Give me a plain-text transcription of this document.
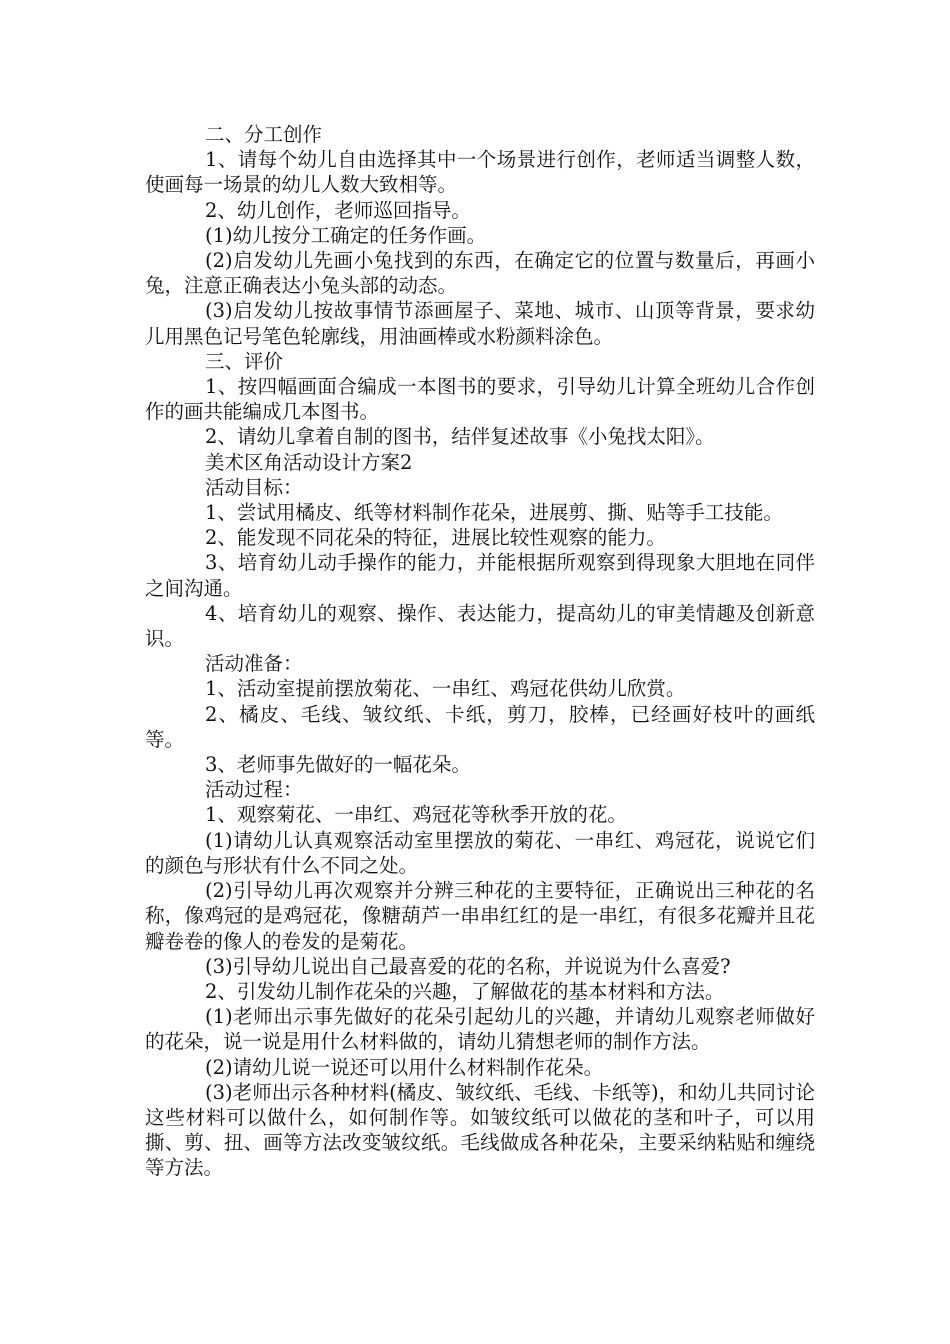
二、分工创作

1、请每个幼儿自由选择其中一个场景进行创作，老师适当调整人数，使画每一场景的幼儿人数大致相等。

2、幼儿创作，老师巡回指导。

(1)幼儿按分工确定的任务作画。

(2)启发幼儿先画小兔找到的东西，在确定它的位置与数量后，再画小兔，注意正确表达小兔头部的动态。

(3)启发幼儿按故事情节添画屋子、菜地、城市、山顶等背景，要求幼儿用黑色记号笔色轮廓线，用油画棒或水粉颜料涂色。

三、评价

1、按四幅画面合编成一本图书的要求，引导幼儿计算全班幼儿合作创作的画共能编成几本图书。

2、请幼儿拿着自制的图书，结伴复述故事《小兔找太阳》。

美术区角活动设计方案2

活动目标：

1、尝试用橘皮、纸等材料制作花朵，进展剪、撕、贴等手工技能。

2、能发现不同花朵的特征，进展比较性观察的能力。

3、培育幼儿动手操作的能力，并能根据所观察到得现象大胆地在同伴之间沟通。

4、培育幼儿的观察、操作、表达能力，提高幼儿的审美情趣及创新意识。

活动准备：

1、活动室提前摆放菊花、一串红、鸡冠花供幼儿欣赏。

2、橘皮、毛线、皱纹纸、卡纸，剪刀，胶棒，已经画好枝叶的画纸等。

3、老师事先做好的一幅花朵。

活动过程：

1、观察菊花、一串红、鸡冠花等秋季开放的花。

(1)请幼儿认真观察活动室里摆放的菊花、一串红、鸡冠花，说说它们的颜色与形状有什么不同之处。

(2)引导幼儿再次观察并分辨三种花的主要特征，正确说出三种花的名称，像鸡冠的是鸡冠花，像糖葫芦一串串红红的是一串红，有很多花瓣并且花瓣卷卷的像人的卷发的是菊花。

(3)引导幼儿说出自己最喜爱的花的名称，并说说为什么喜爱?

2、引发幼儿制作花朵的兴趣，了解做花的基本材料和方法。

(1)老师出示事先做好的花朵引起幼儿的兴趣，并请幼儿观察老师做好的花朵，说一说是用什么材料做的，请幼儿猜想老师的制作方法。

(2)请幼儿说一说还可以用什么材料制作花朵。

(3)老师出示各种材料(橘皮、皱纹纸、毛线、卡纸等)，和幼儿共同讨论这些材料可以做什么，如何制作等。如皱纹纸可以做花的茎和叶子，可以用撕、剪、扭、画等方法改变皱纹纸。毛线做成各种花朵，主要采纳粘贴和缠绕等方法。
